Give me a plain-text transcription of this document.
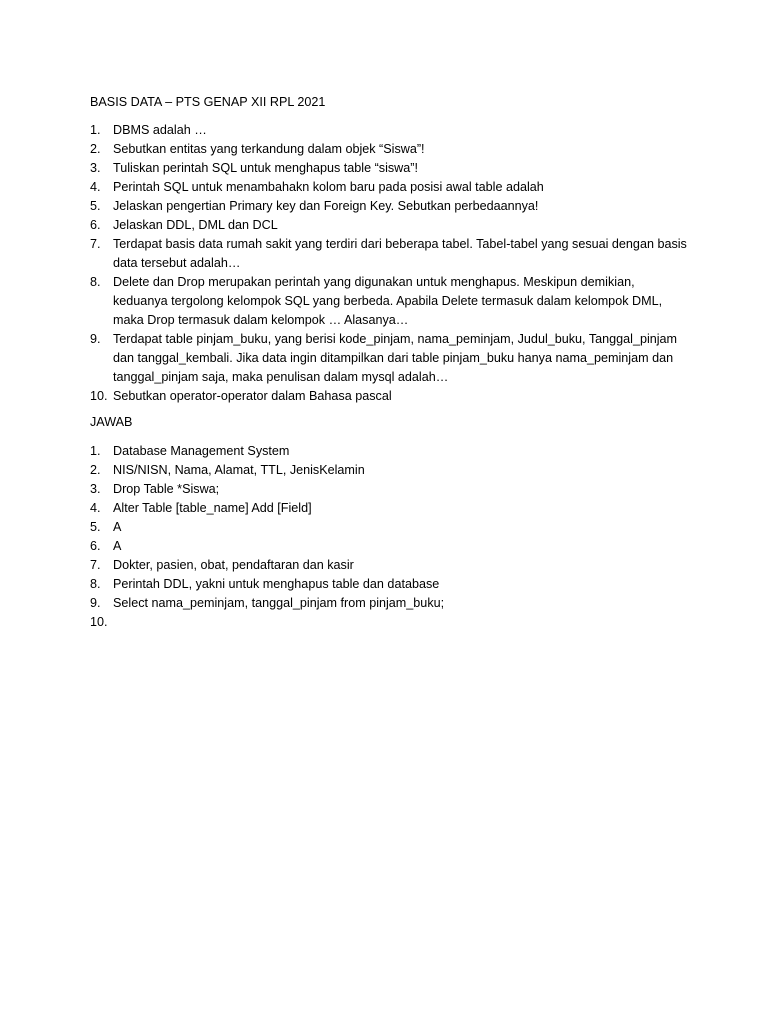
BASIS DATA – PTS GENAP XII RPL 2021
1. DBMS adalah …
2. Sebutkan entitas yang terkandung dalam objek “Siswa”!
3. Tuliskan perintah SQL untuk menghapus table “siswa”!
4. Perintah SQL untuk menambahakn kolom baru pada posisi awal table adalah
5. Jelaskan pengertian Primary key dan Foreign Key. Sebutkan perbedaannya!
6. Jelaskan DDL, DML dan DCL
7. Terdapat basis data rumah sakit yang terdiri dari beberapa tabel. Tabel-tabel yang sesuai dengan basis data tersebut adalah…
8. Delete dan Drop merupakan perintah yang digunakan untuk menghapus. Meskipun demikian, keduanya tergolong kelompok SQL yang berbeda. Apabila Delete termasuk dalam kelompok DML, maka Drop termasuk dalam kelompok … Alasanya…
9. Terdapat table pinjam_buku, yang berisi kode_pinjam, nama_peminjam, Judul_buku, Tanggal_pinjam dan tanggal_kembali. Jika data ingin ditampilkan dari table pinjam_buku hanya nama_peminjam dan tanggal_pinjam saja, maka penulisan dalam mysql adalah…
10. Sebutkan operator-operator dalam Bahasa pascal
JAWAB
1. Database Management System
2. NIS/NISN, Nama, Alamat, TTL, JenisKelamin
3. Drop Table *Siswa;
4. Alter Table [table_name] Add [Field]
5. A
6. A
7. Dokter, pasien, obat, pendaftaran dan kasir
8. Perintah DDL, yakni untuk menghapus table dan database
9. Select nama_peminjam, tanggal_pinjam from pinjam_buku;
10.
